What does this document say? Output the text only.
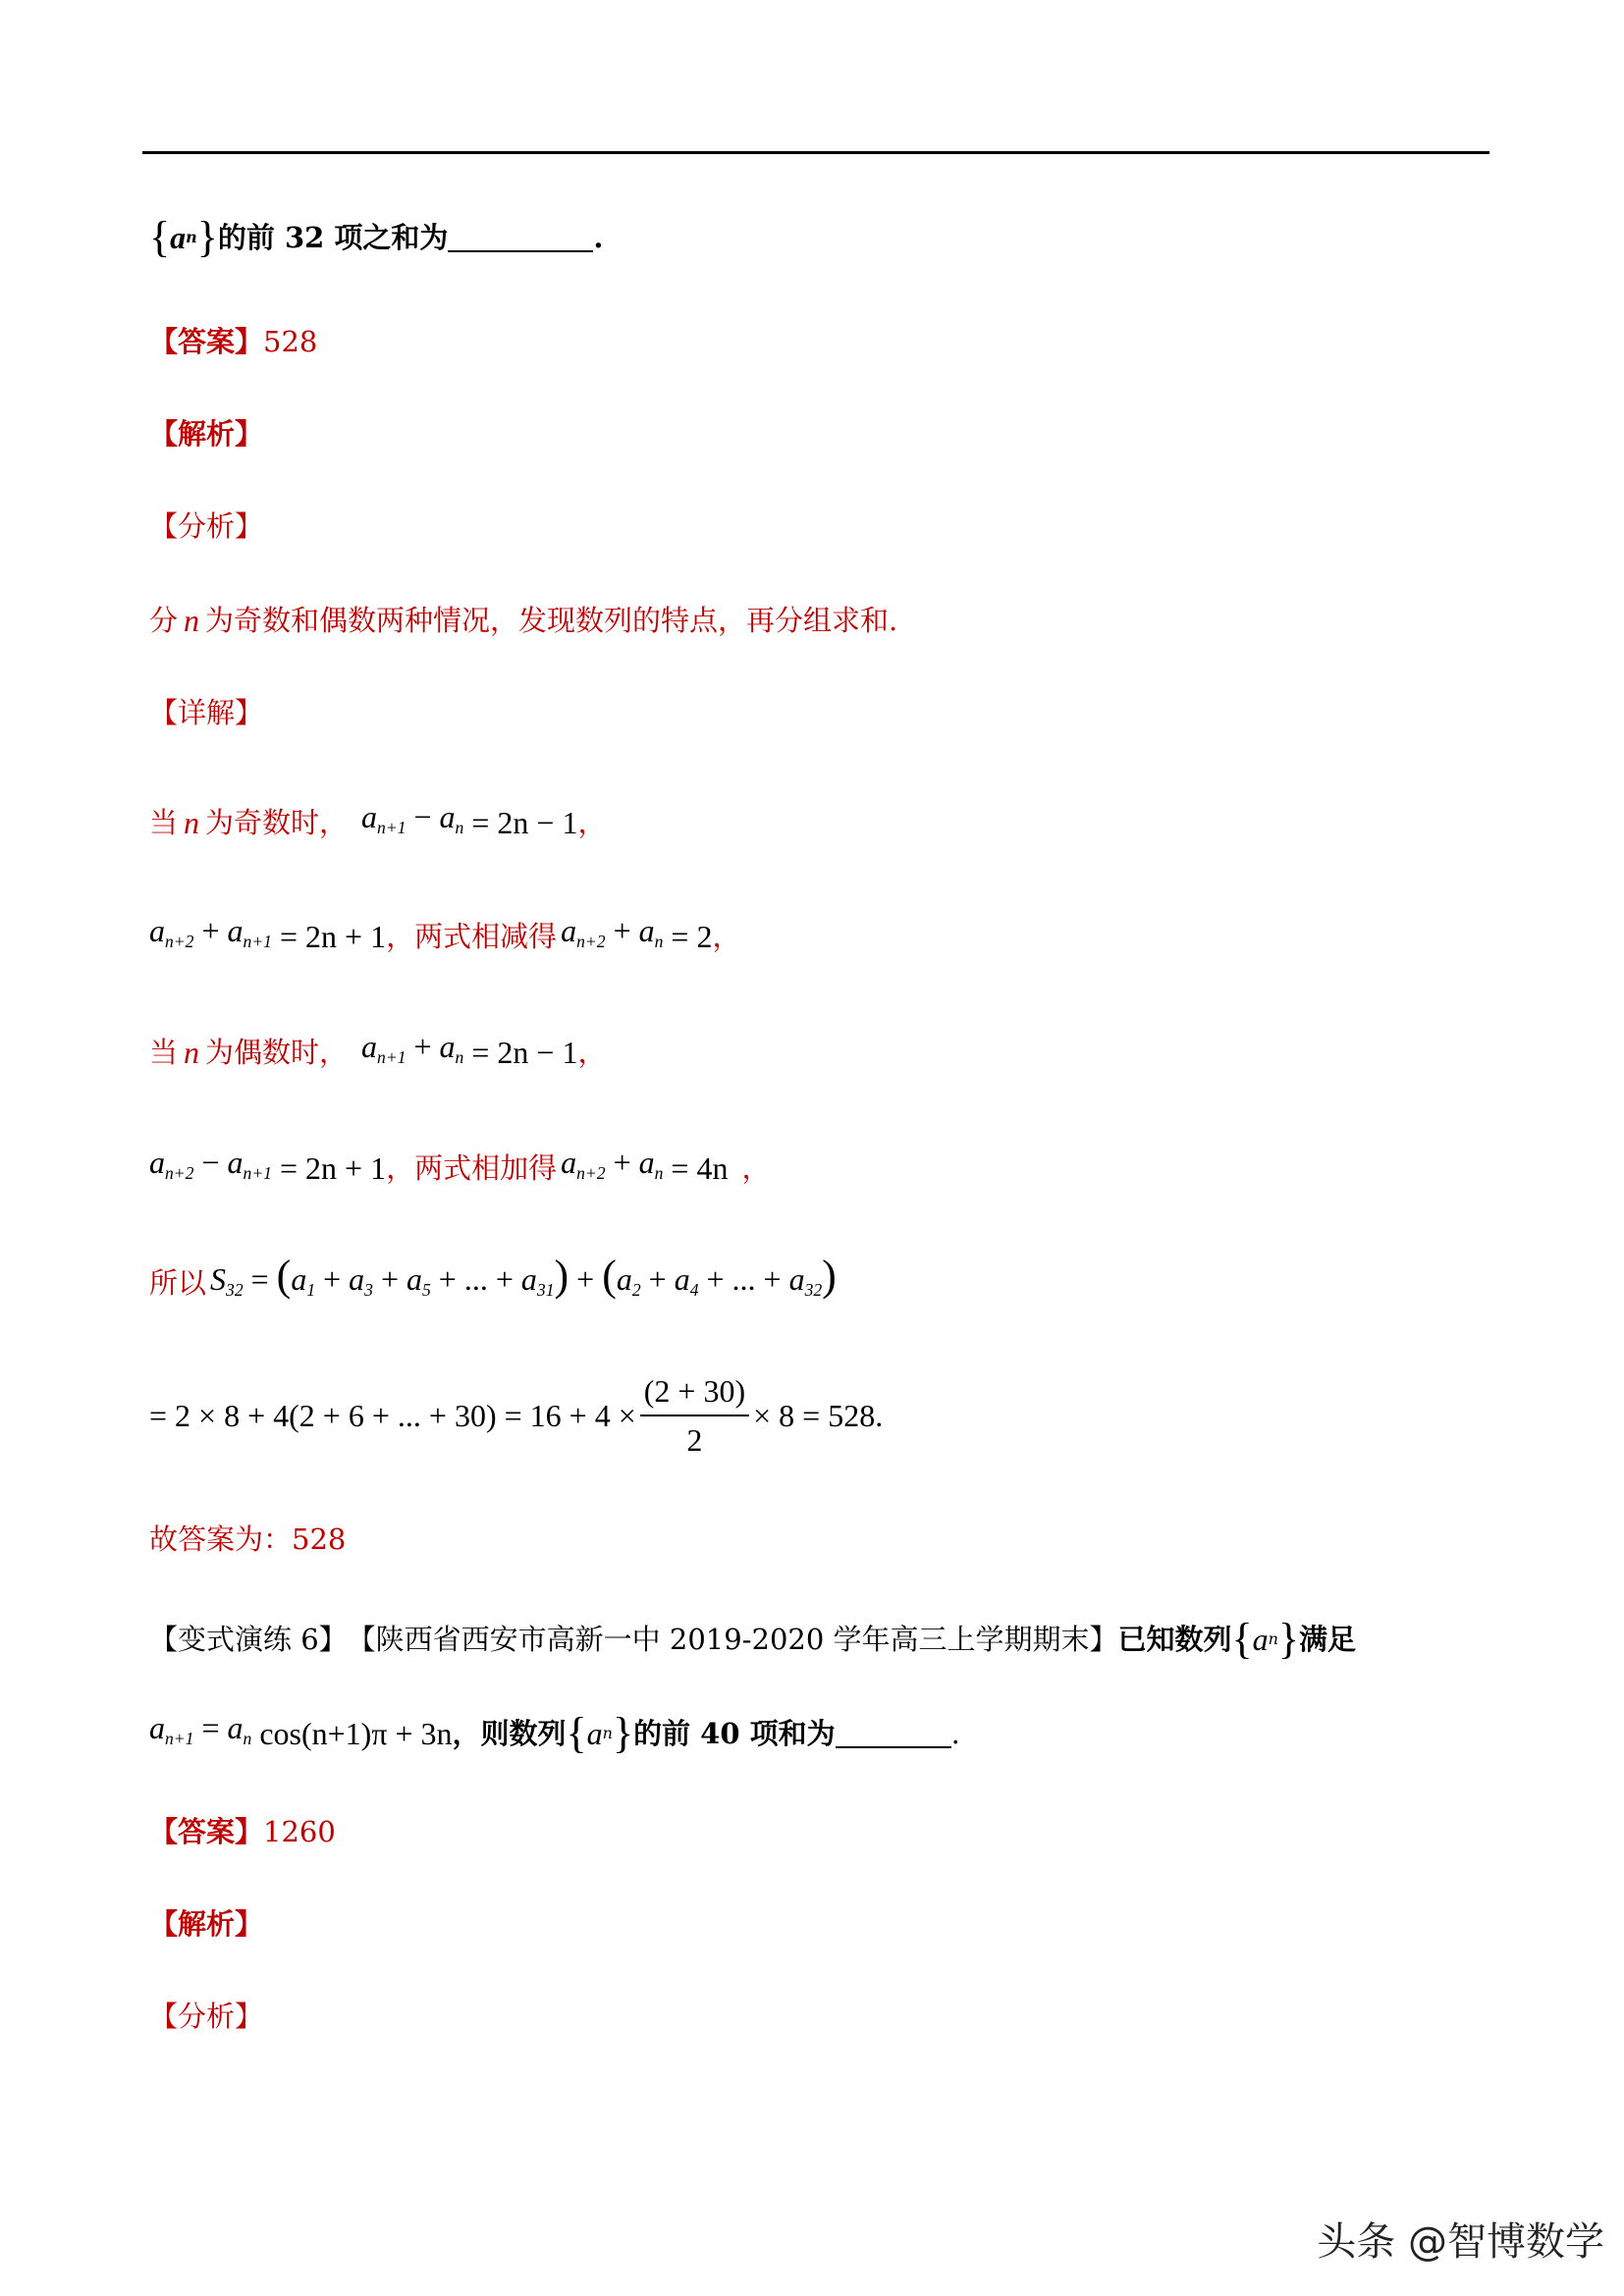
{ a n } 的前 32 项之和为	.
【答案】 528
【解析】
【分析】
分 n 为奇数和偶数两种情况，发现数列的特点，再分组求和.
【详解】
当 n 为奇数时， $a_{n+1} - a_n = 2n - 1$ ，
$a_{n+2} + a_{n+1} = 2n + 1$ ，两式相减得 $a_{n+2} + a_n = 2$ ，
当 n 为偶数时， $a_{n+1} + a_n = 2n - 1$ ，
$a_{n+2} - a_{n+1} = 2n + 1$ ，两式相加得 $a_{n+2} + a_n = 4n$ ，
所以 $S_{32} = (a_1 + a_3 + a_5$ + ... + $a_{31}) + (a_2 + a_4$ + ... + $a_{32}$)
= 2 × 8 + 4(2 + 6 + ... + $30) = 16 + 4 \times \frac{(2 + 30)}{2} \times 8 = 528$ .
故答案为：528
【变式演练 6】 【陕西省西安市高新一中 2019-2020 学年高三上学期期末】 已知数列 { a n } 满足
$a_{n+1} = a_n$ cos(n+1)π + 3n ，则数列 { a n } 的前 40 项和为	.
【答案】 1260
【解析】
【分析】
头条 @智博数学
